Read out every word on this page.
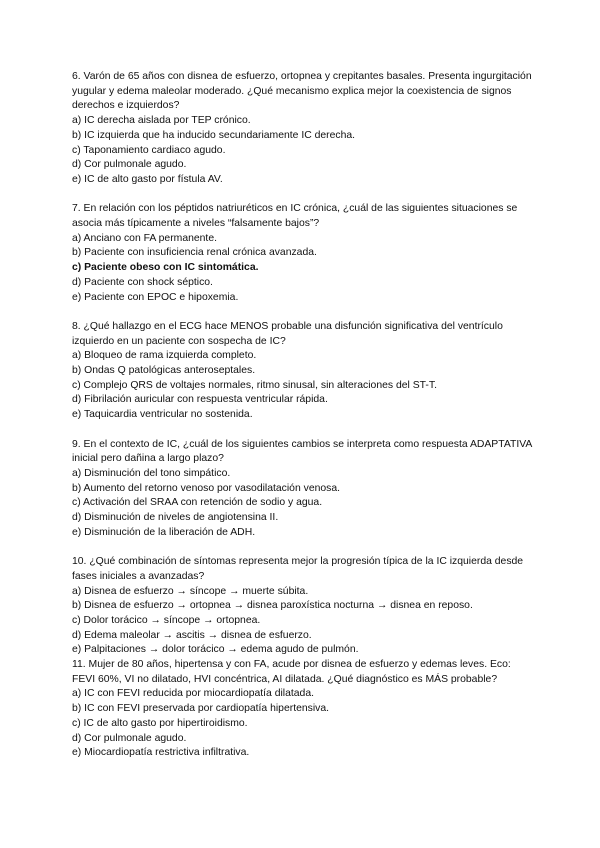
6. Varón de 65 años con disnea de esfuerzo, ortopnea y crepitantes basales. Presenta ingurgitación yugular y edema maleolar moderado. ¿Qué mecanismo explica mejor la coexistencia de signos derechos e izquierdos?

a) IC derecha aislada por TEP crónico.

b) IC izquierda que ha inducido secundariamente IC derecha.

c) Taponamiento cardiaco agudo.

d) Cor pulmonale agudo.

e) IC de alto gasto por fístula AV.

7. En relación con los péptidos natriuréticos en IC crónica, ¿cuál de las siguientes situaciones se asocia más típicamente a niveles “falsamente bajos”?

a) Anciano con FA permanente.

b) Paciente con insuficiencia renal crónica avanzada.

c) Paciente obeso con IC sintomática.

d) Paciente con shock séptico.

e) Paciente con EPOC e hipoxemia.

8. ¿Qué hallazgo en el ECG hace MENOS probable una disfunción significativa del ventrículo izquierdo en un paciente con sospecha de IC?

a) Bloqueo de rama izquierda completo.

b) Ondas Q patológicas anteroseptales.

c) Complejo QRS de voltajes normales, ritmo sinusal, sin alteraciones del ST-T.

d) Fibrilación auricular con respuesta ventricular rápida.

e) Taquicardia ventricular no sostenida.

9. En el contexto de IC, ¿cuál de los siguientes cambios se interpreta como respuesta ADAPTATIVA inicial pero dañina a largo plazo?

a) Disminución del tono simpático.

b) Aumento del retorno venoso por vasodilatación venosa.

c) Activación del SRAA con retención de sodio y agua.

d) Disminución de niveles de angiotensina II.

e) Disminución de la liberación de ADH.

10. ¿Qué combinación de síntomas representa mejor la progresión típica de la IC izquierda desde fases iniciales a avanzadas?

a) Disnea de esfuerzo → síncope → muerte súbita.

b) Disnea de esfuerzo → ortopnea → disnea paroxística nocturna → disnea en reposo.

c) Dolor torácico → síncope → ortopnea.

d) Edema maleolar → ascitis → disnea de esfuerzo.

e) Palpitaciones → dolor torácico → edema agudo de pulmón.

11. Mujer de 80 años, hipertensa y con FA, acude por disnea de esfuerzo y edemas leves. Eco: FEVI 60%, VI no dilatado, HVI concéntrica, AI dilatada. ¿Qué diagnóstico es MÁS probable?

a) IC con FEVI reducida por miocardiopatía dilatada.

b) IC con FEVI preservada por cardiopatía hipertensiva.

c) IC de alto gasto por hipertiroidismo.

d) Cor pulmonale agudo.

e) Miocardiopatía restrictiva infiltrativa.
